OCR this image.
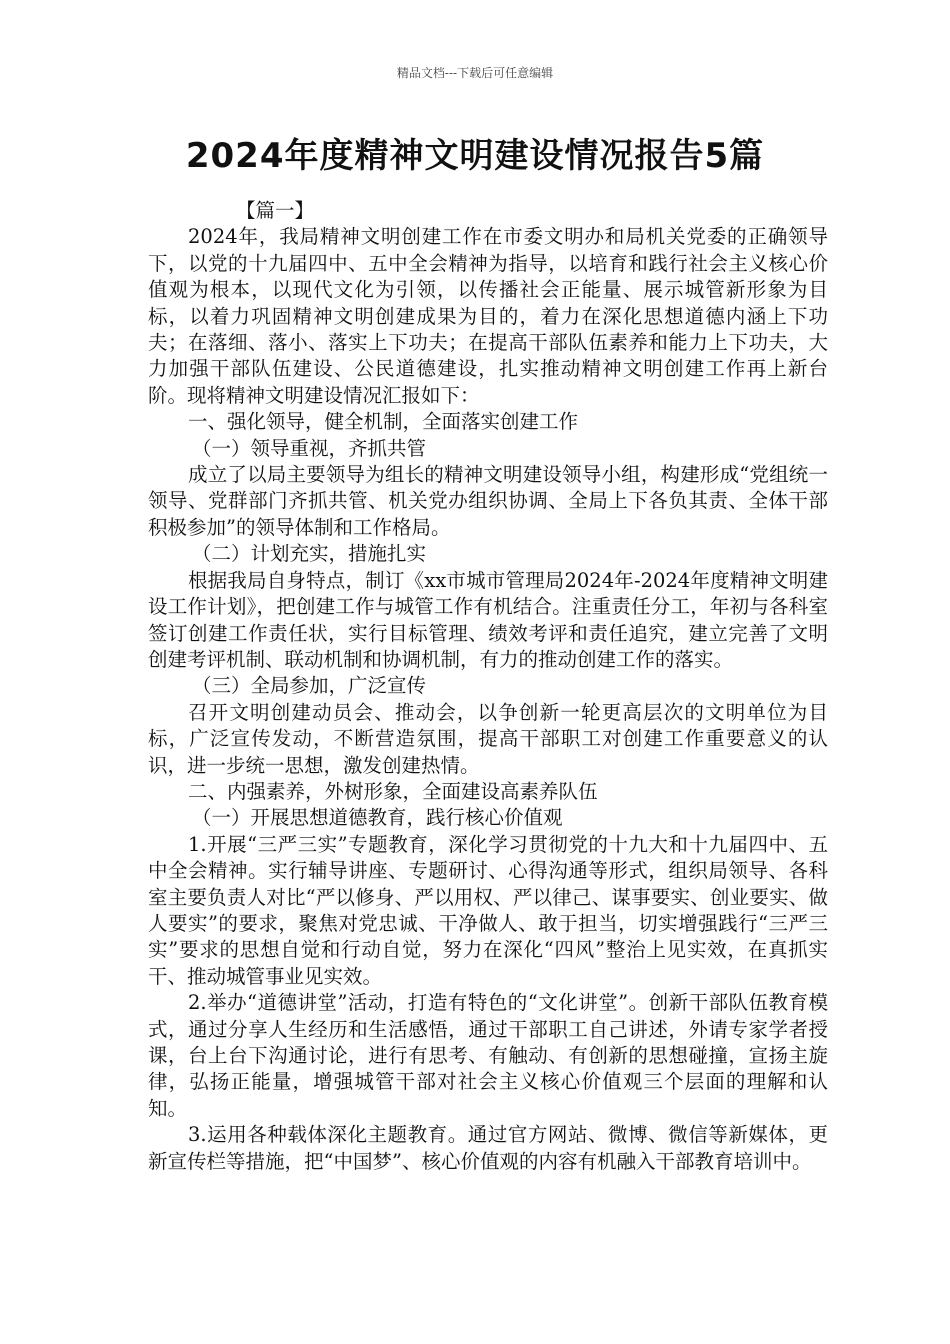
精品文档---下载后可任意编辑
2024年度精神文明建设情况报告5篇
【篇一】
2024年，我局精神文明创建工作在市委文明办和局机关党委的正确领导下，以党的十九届四中、五中全会精神为指导，以培育和践行社会主义核心价值观为根本，以现代文化为引领，以传播社会正能量、展示城管新形象为目标，以着力巩固精神文明创建成果为目的，着力在深化思想道德内涵上下功夫；在落细、落小、落实上下功夫；在提高干部队伍素养和能力上下功夫，大力加强干部队伍建设、公民道德建设，扎实推动精神文明创建工作再上新台阶。现将精神文明建设情况汇报如下：
一、强化领导，健全机制，全面落实创建工作
（一）领导重视，齐抓共管
成立了以局主要领导为组长的精神文明建设领导小组，构建形成“党组统一领导、党群部门齐抓共管、机关党办组织协调、全局上下各负其责、全体干部积极参加”的领导体制和工作格局。
（二）计划充实，措施扎实
根据我局自身特点，制订《xx市城市管理局2024年-2024年度精神文明建设工作计划》，把创建工作与城管工作有机结合。注重责任分工，年初与各科室签订创建工作责任状，实行目标管理、绩效考评和责任追究，建立完善了文明创建考评机制、联动机制和协调机制，有力的推动创建工作的落实。
（三）全局参加，广泛宣传
召开文明创建动员会、推动会，以争创新一轮更高层次的文明单位为目标，广泛宣传发动，不断营造氛围，提高干部职工对创建工作重要意义的认识，进一步统一思想，激发创建热情。
二、内强素养，外树形象，全面建设高素养队伍
（一）开展思想道德教育，践行核心价值观
1.开展“三严三实”专题教育，深化学习贯彻党的十九大和十九届四中、五中全会精神。实行辅导讲座、专题研讨、心得沟通等形式，组织局领导、各科室主要负责人对比“严以修身、严以用权、严以律己、谋事要实、创业要实、做人要实”的要求，聚焦对党忠诚、干净做人、敢于担当，切实增强践行“三严三实”要求的思想自觉和行动自觉，努力在深化“四风”整治上见实效，在真抓实干、推动城管事业见实效。
2.举办“道德讲堂”活动，打造有特色的“文化讲堂”。创新干部队伍教育模式，通过分享人生经历和生活感悟，通过干部职工自己讲述，外请专家学者授课，台上台下沟通讨论，进行有思考、有触动、有创新的思想碰撞，宣扬主旋律，弘扬正能量，增强城管干部对社会主义核心价值观三个层面的理解和认知。
3.运用各种载体深化主题教育。通过官方网站、微博、微信等新媒体，更新宣传栏等措施，把“中国梦”、核心价值观的内容有机融入干部教育培训中。
